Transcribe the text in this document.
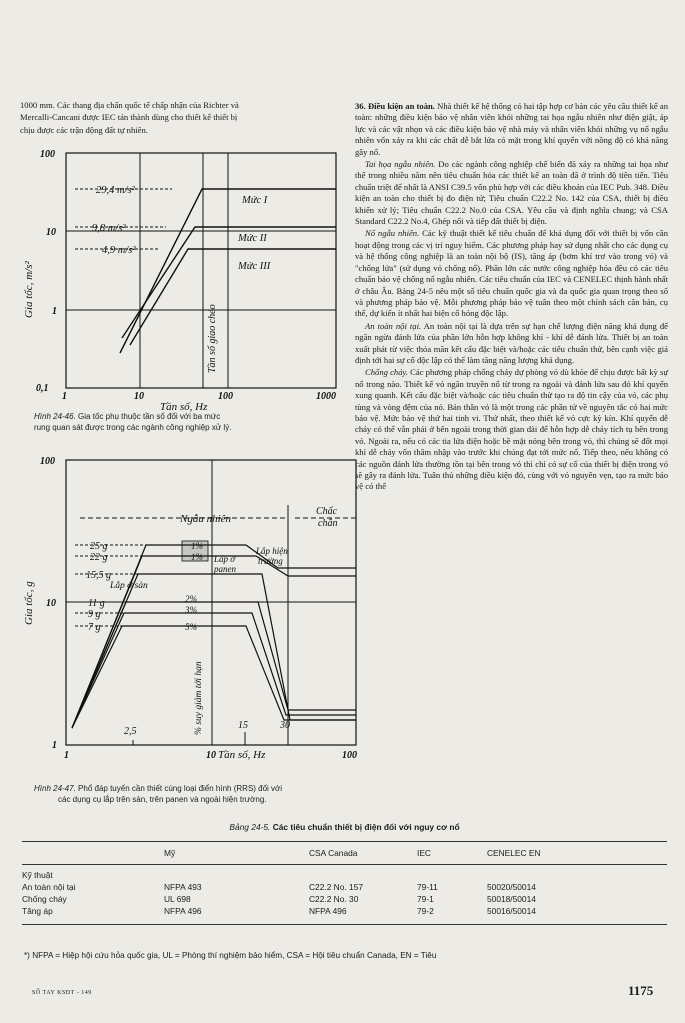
1000 mm. Các thang địa chấn quốc tế chấp nhận của Richter và

Mercalli-Cancani được IEC tán thành dùng cho thiết kế thiết bị

chịu được các trận động đất tự nhiên.

100
10
1
0,1
1	10	100	1000
Tần số, Hz
Gia tốc, m/s²
Tần số giao chéo
29,4 m/s²
9,8 m/s²
4,9 m/s²
Mức I
Mức II
Mức III
Hình 24-46. Gia tốc phụ thuộc tần số đối với ba mức
rung quan sát được trong các ngành công nghiệp xử lý.
100
10
1
1
2,5
10
15	30
100
Tần số, Hz
Gia tốc, g
25 g
22 g
15,5 g
11 g
9 g
7 g
Ngẫu nhiên
Chấc
chắn
1%
1%
2%
3%
5%
Lắp ở sàn
Lắp ở
panen
Lắp hiện
trường
% suy giảm tới hạn
Hình 24-47. Phổ đáp tuyến cần thiết cùng loại điển hình (RRS) đối với
các dụng cụ lắp trên sàn, trên panen và ngoài hiện trường.

36. Điều kiện an toàn. Nhà thiết kế hệ thống có hai tập hợp cơ bản các yêu cầu thiết kế an toàn: những điều kiện bảo vệ nhân viên khỏi những tai họa ngẫu nhiên như điện giật, áp lực và các vật nhọn và các điều kiện bảo vệ nhà máy và nhân viên khỏi những vụ nổ ngẫu nhiên vốn xảy ra khi các chất dễ bắt lửa có mặt trong khí quyển với nồng độ có khả năng gây nổ.

Tai họa ngẫu nhiên. Do các ngành công nghiệp chế biến đã xảy ra những tai họa như thế trong nhiều năm nên tiêu chuẩn hóa các thiết kế an toàn đã ở trình độ tiên tiến. Tiêu chuẩn triệt để nhất là ANSI C39.5 vốn phù hợp với các điều khoản của IEC Pub. 348. Điều kiện an toàn cho thiết bị đo điện tử; Tiêu chuẩn C22.2 No. 142 của CSA, thiết bị điều khiển xử lý; Tiêu chuẩn C22.2 No.0 của CSA. Yêu cầu và định nghĩa chung; và CSA Standard C22.2 No.4, Ghép nối và tiếp đất thiết bị điện.

Nổ ngẫu nhiên. Các kỹ thuật thiết kế tiêu chuẩn để khả dụng đối với thiết bị vốn cần hoạt động trong các vị trí nguy hiểm. Các phương pháp hay sử dụng nhất cho các dụng cụ và hệ thống công nghiệp là an toàn nội bộ (IS), tăng áp (bơm khí trơ vào trong vỏ) và "chống lửa" (sử dụng vỏ chống nổ). Phần lớn các nước công nghiệp hóa đều có các tiêu chuẩn bảo vệ chống nổ ngẫu nhiên. Các tiêu chuẩn của IEC và CENELEC thịnh hành nhất ở châu Âu. Bảng 24-5 nêu một số tiêu chuẩn quốc gia và đa quốc gia quan trọng theo số và phương pháp bảo vệ. Mỗi phương pháp bảo vệ tuân theo một chính sách căn bản, cụ thể, dự kiến ít nhất hai biện cố hỏng độc lập.

An toàn nội tại. An toàn nội tại là dựa trên sự hạn chế lượng điện năng khả dụng để ngăn ngừa đánh lửa của phần lớn hỗn hợp không khí - khí dễ đánh lửa. Thiết bị an toàn xuất phát từ việc thỏa mãn kết cấu đặc biệt và/hoặc các tiêu chuẩn thử, bên cạnh việc giả định tới hai sự cố độc lập có thể làm tăng năng lượng khả dụng.

Chống cháy. Các phương pháp chống cháy dự phòng vỏ dù khỏe để chịu được bất kỳ sự nổ trong nào. Thiết kế vỏ ngăn truyền nổ từ trong ra ngoài và đánh lửa sau đó khí quyển xung quanh. Kết cấu đặc biệt và/hoặc các tiêu chuẩn thử tạo ra độ tin cậy của vỏ, các phụ tùng và vòng đệm của nó. Bản thân vỏ là một trong các phần tử về nguyên tắc có hai mức bảo vệ. Mức bảo vệ thứ hai tinh vi. Thứ nhất, theo thiết kế vỏ cực kỳ kín. Khí quyển dễ cháy có thể vẫn phải ở bên ngoài trong thời gian dài để hỗn hợp dễ cháy tích tụ bên trong vỏ. Ngoài ra, nếu có các tia lửa điện hoặc bề mặt nóng bên trong vỏ, thì chúng sẽ đốt mọi khí dễ cháy vốn thâm nhập vào trước khi chúng đạt tới mức nổ. Tiếp theo, nếu không có các nguồn đánh lửa thường tồn tại bên trong vỏ thì chỉ có sự cố của thiết bị điện trong vỏ sẽ gây ra đánh lửa. Tuân thủ những điều kiện đó, cùng với vỏ nguyên vẹn, tạo ra mức bảo vệ có thể

Bảng 24-5. Các tiêu chuẩn thiết bị điện đối với nguy cơ nổ
	Mỹ	CSA Canada	IEC	CENELEC EN
Kỹ thuật				
An toàn nội tại	NFPA 493	C22.2 No. 157	79-11	50020/50014
Chống cháy	UL 698	C22.2 No. 30	79-1	50018/50014
Tăng áp	NFPA 496	NFPA 496	79-2	50016/50014
*) NFPA = Hiệp hội cứu hỏa quốc gia, UL = Phòng thí nghiệm bảo hiểm, CSA = Hội tiêu chuẩn Canada, EN = Tiêu
SỔ TAY KSĐT - 149	1175
